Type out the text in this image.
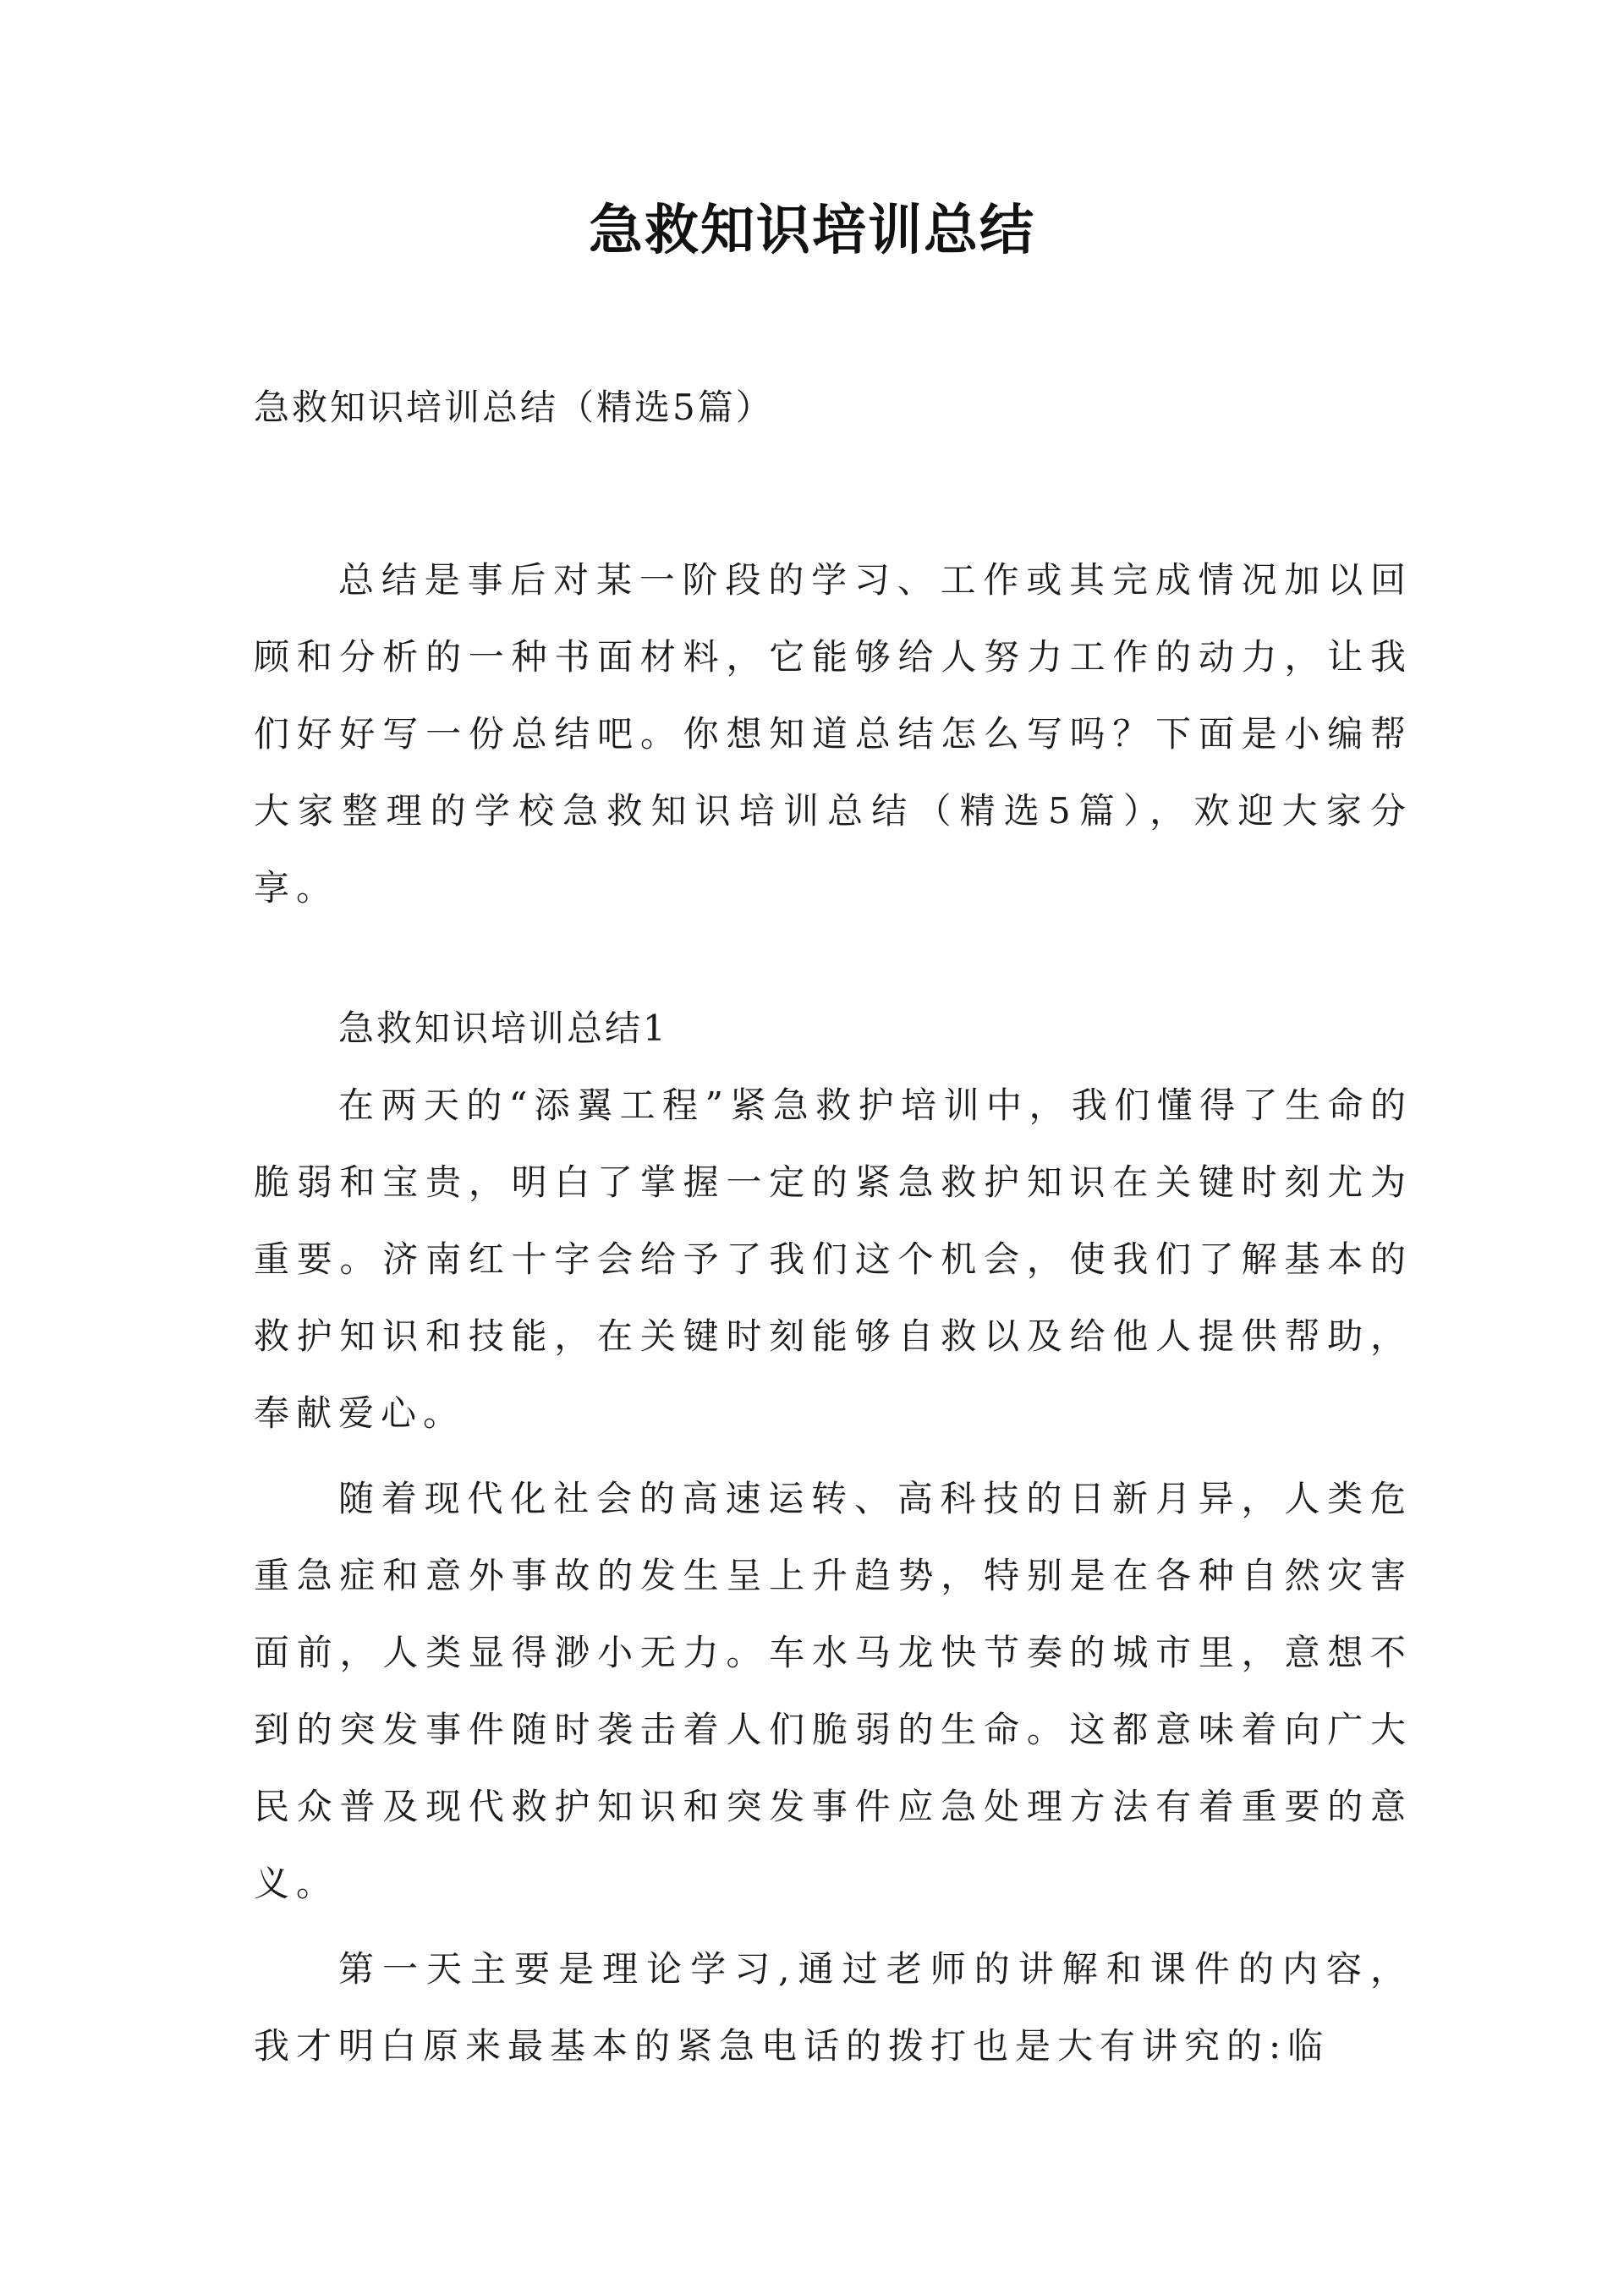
急救知识培训总结
急救知识培训总结（精选5篇）

总结是事后对某一阶段的学习、工作或其完成情况加以回顾和分析的一种书面材料，它能够给人努力工作的动力，让我们好好写一份总结吧。你想知道总结怎么写吗？下面是小编帮大家整理的学校急救知识培训总结（精选5篇），欢迎大家分享。

急救知识培训总结1

在两天的“添翼工程”紧急救护培训中，我们懂得了生命的脆弱和宝贵，明白了掌握一定的紧急救护知识在关键时刻尤为重要。济南红十字会给予了我们这个机会，使我们了解基本的救护知识和技能，在关键时刻能够自救以及给他人提供帮助，奉献爱心。

随着现代化社会的高速运转、高科技的日新月异，人类危重急症和意外事故的发生呈上升趋势，特别是在各种自然灾害面前，人类显得渺小无力。车水马龙快节奏的城市里，意想不到的突发事件随时袭击着人们脆弱的生命。这都意味着向广大民众普及现代救护知识和突发事件应急处理方法有着重要的意义。

第一天主要是理论学习,通过老师的讲解和课件的内容，我才明白原来最基本的紧急电话的拨打也是大有讲究的:临
